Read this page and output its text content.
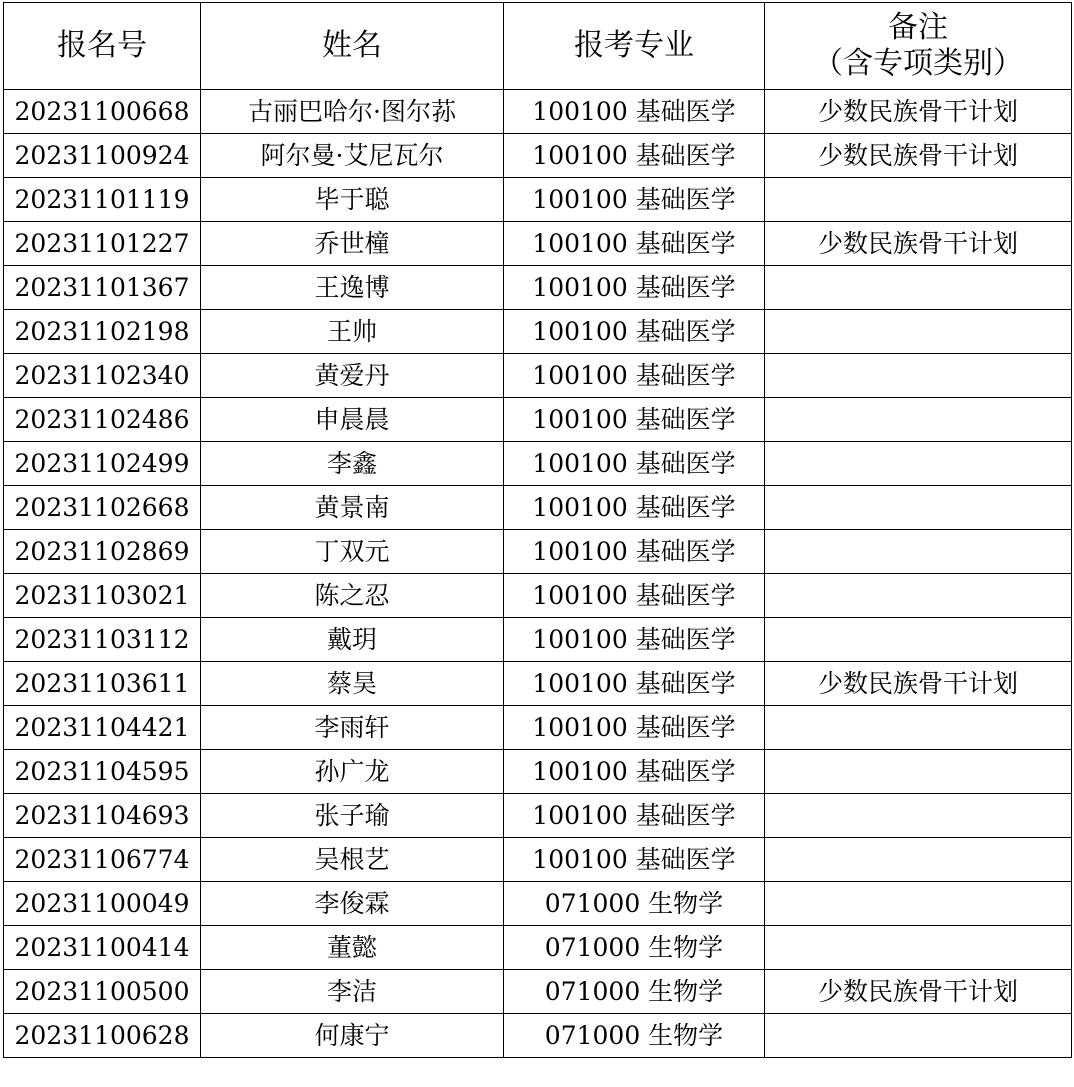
报名号	姓名	报考专业	备注
（含专项类别）

20231100668	古丽巴哈尔·图尔荪	100100 基础医学	少数民族骨干计划
20231100924	阿尔曼·艾尼瓦尔	100100 基础医学	少数民族骨干计划
20231101119	毕于聪	100100 基础医学	
20231101227	乔世橦	100100 基础医学	少数民族骨干计划
20231101367	王逸博	100100 基础医学	
20231102198	王帅	100100 基础医学	
20231102340	黄爱丹	100100 基础医学	
20231102486	申晨晨	100100 基础医学	
20231102499	李鑫	100100 基础医学	
20231102668	黄景南	100100 基础医学	
20231102869	丁双元	100100 基础医学	
20231103021	陈之忍	100100 基础医学	
20231103112	戴玥	100100 基础医学	
20231103611	蔡昊	100100 基础医学	少数民族骨干计划
20231104421	李雨轩	100100 基础医学	
20231104595	孙广龙	100100 基础医学	
20231104693	张子瑜	100100 基础医学	
20231106774	吴根艺	100100 基础医学	
20231100049	李俊霖	071000 生物学	
20231100414	董懿	071000 生物学	
20231100500	李洁	071000 生物学	少数民族骨干计划
20231100628	何康宁	071000 生物学	
